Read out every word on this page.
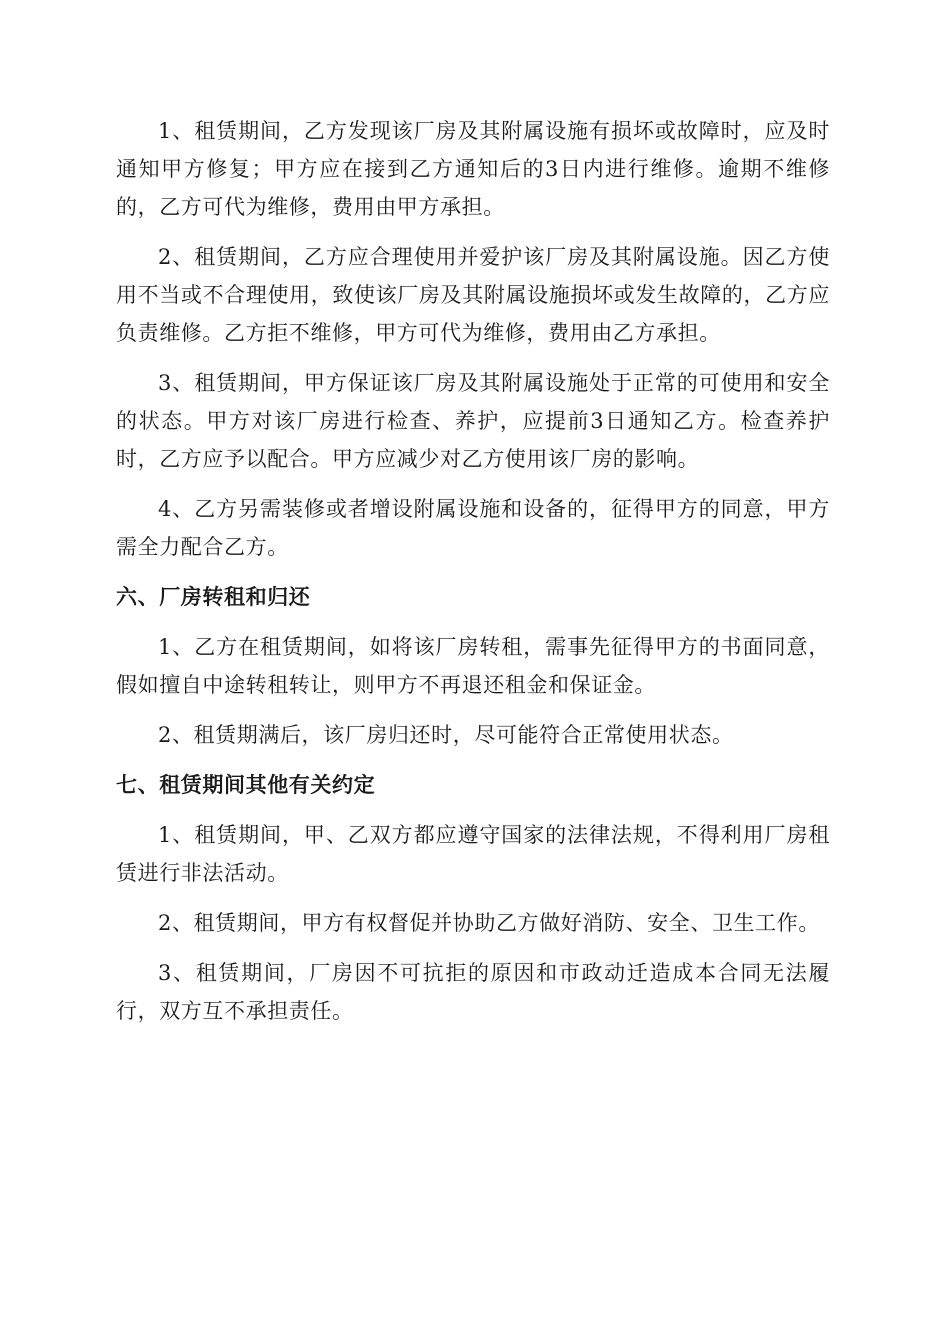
1、租赁期间，乙方发现该厂房及其附属设施有损坏或故障时，应及时通知甲方修复；甲方应在接到乙方通知后的3日内进行维修。逾期不维修的，乙方可代为维修，费用由甲方承担。

2、租赁期间，乙方应合理使用并爱护该厂房及其附属设施。因乙方使用不当或不合理使用，致使该厂房及其附属设施损坏或发生故障的，乙方应负责维修。乙方拒不维修，甲方可代为维修，费用由乙方承担。

3、租赁期间，甲方保证该厂房及其附属设施处于正常的可使用和安全的状态。甲方对该厂房进行检查、养护，应提前3日通知乙方。检查养护时，乙方应予以配合。甲方应减少对乙方使用该厂房的影响。

4、乙方另需装修或者增设附属设施和设备的，征得甲方的同意，甲方需全力配合乙方。

六、厂房转租和归还

1、乙方在租赁期间，如将该厂房转租，需事先征得甲方的书面同意，假如擅自中途转租转让，则甲方不再退还租金和保证金。

2、租赁期满后，该厂房归还时，尽可能符合正常使用状态。

七、租赁期间其他有关约定

1、租赁期间，甲、乙双方都应遵守国家的法律法规，不得利用厂房租赁进行非法活动。

2、租赁期间，甲方有权督促并协助乙方做好消防、安全、卫生工作。

3、租赁期间，厂房因不可抗拒的原因和市政动迁造成本合同无法履行，双方互不承担责任。
